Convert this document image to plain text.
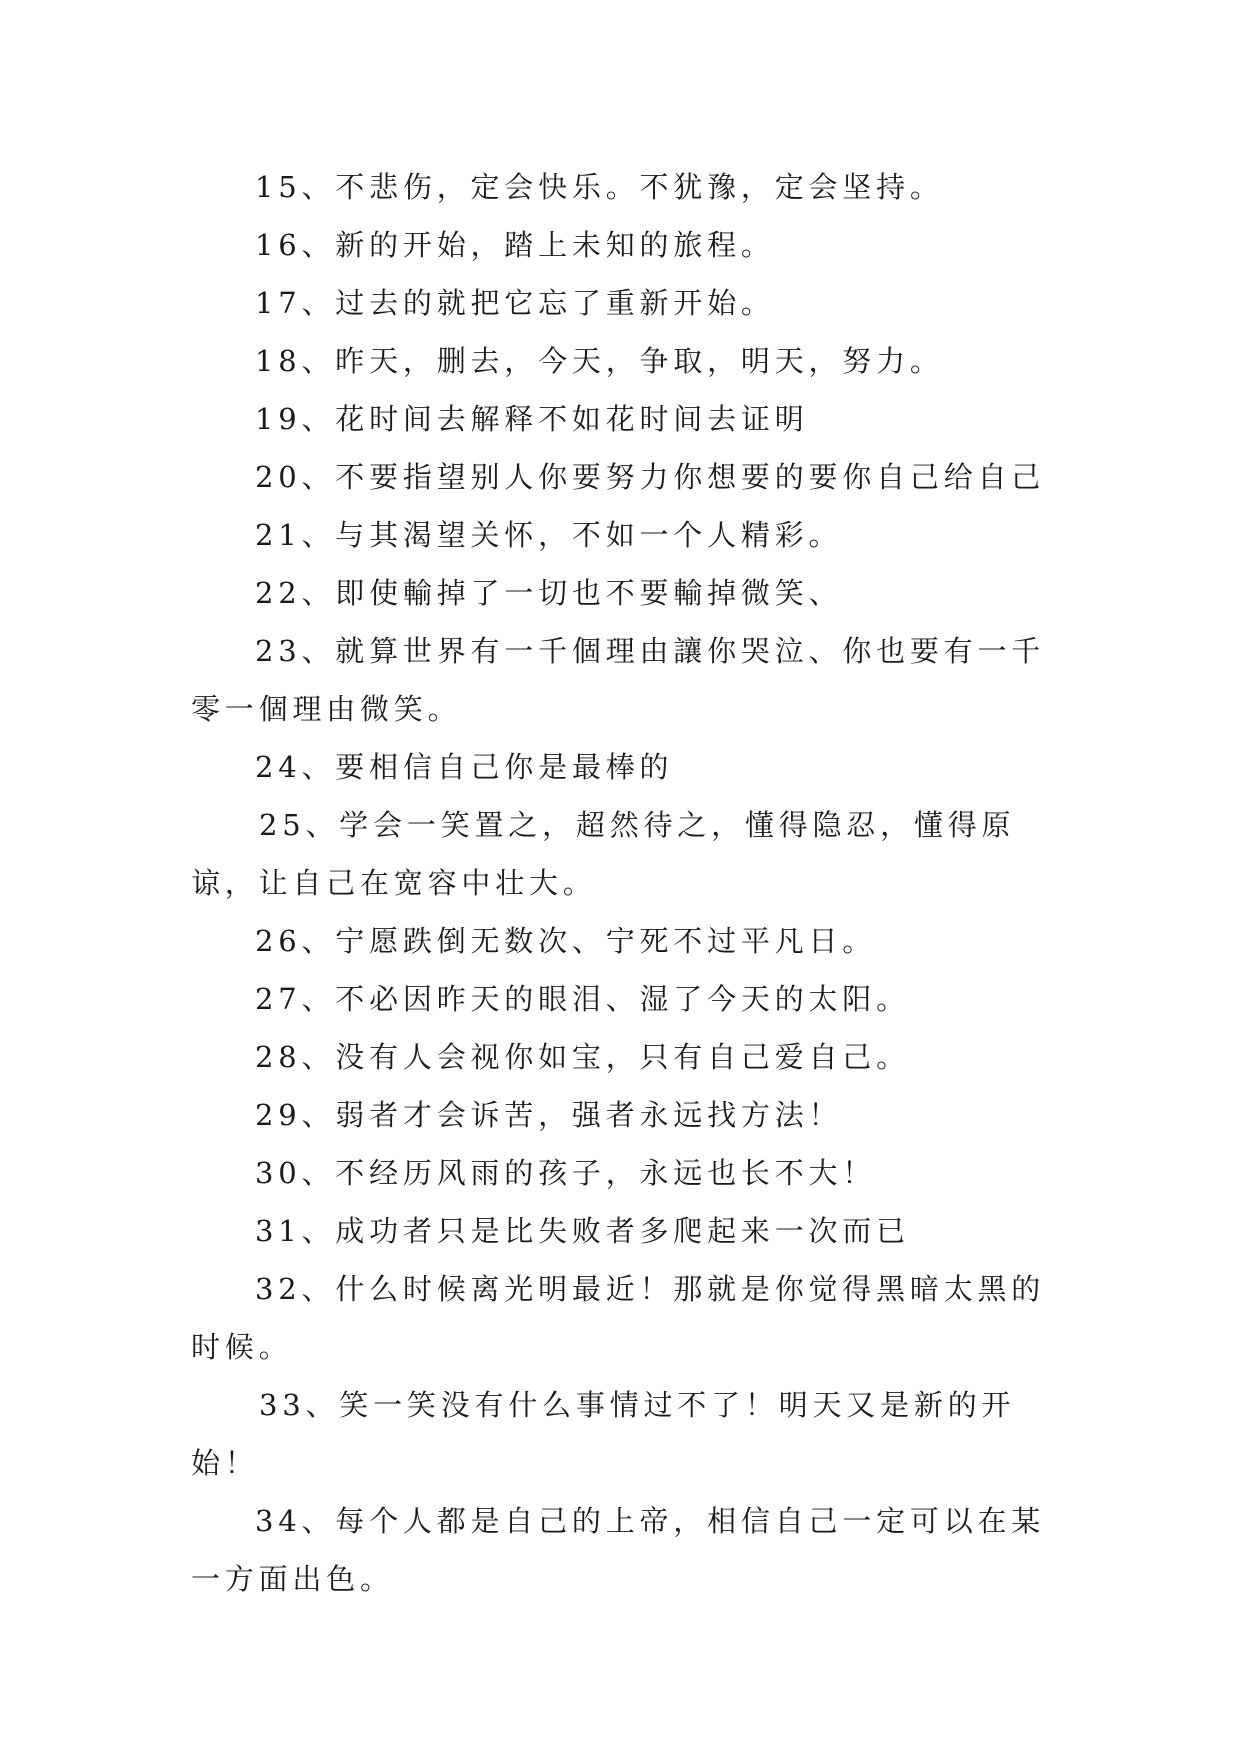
15、不悲伤，定会快乐。不犹豫，定会坚持。

16、新的开始，踏上未知的旅程。

17、过去的就把它忘了重新开始。

18、昨天，删去，今天，争取，明天，努力。

19、花时间去解释不如花时间去证明

20、不要指望别人你要努力你想要的要你自己给自己

21、与其渴望关怀，不如一个人精彩。

22、即使輸掉了一切也不要輸掉微笑、

23、就算世界有一千個理由讓你哭泣、你也要有一千零一個理由微笑。

24、要相信自己你是最棒的

25、学会一笑置之，超然待之，懂得隐忍，懂得原谅，让自己在宽容中壮大。

26、宁愿跌倒无数次、宁死不过平凡日。

27、不必因昨天的眼泪、湿了今天的太阳。

28、没有人会视你如宝，只有自己爱自己。

29、弱者才会诉苦，强者永远找方法！

30、不经历风雨的孩子，永远也长不大！

31、成功者只是比失败者多爬起来一次而已

32、什么时候离光明最近！那就是你觉得黑暗太黑的时候。

33、笑一笑没有什么事情过不了！明天又是新的开始！

34、每个人都是自己的上帝，相信自己一定可以在某一方面出色。
